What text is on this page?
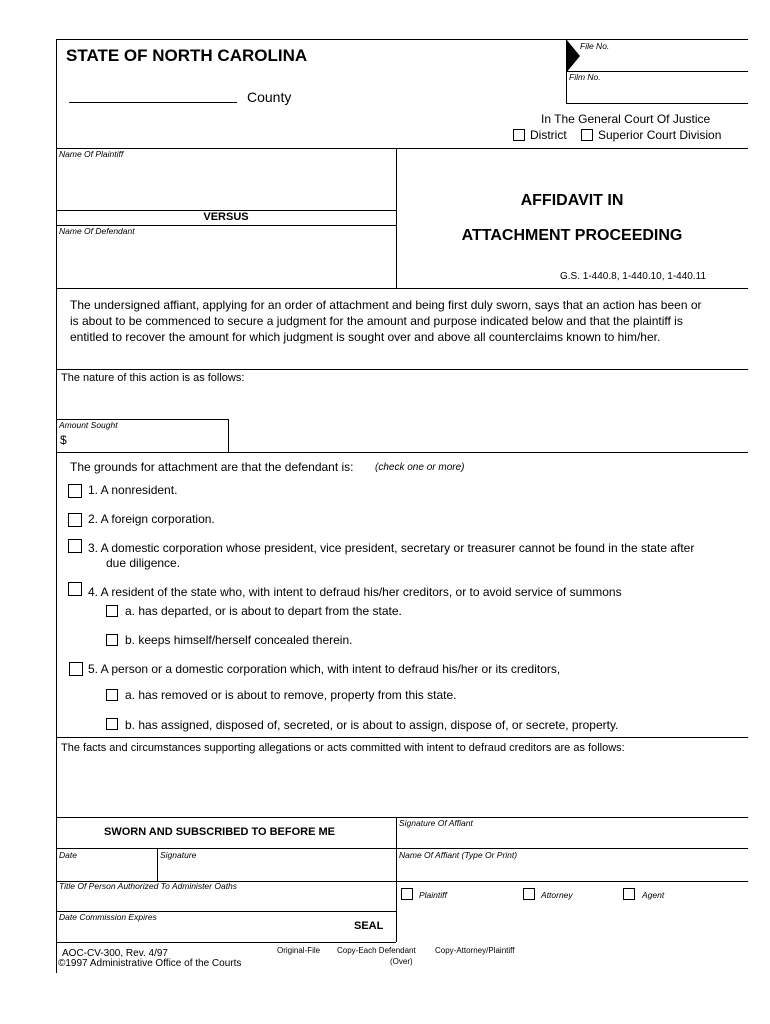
STATE OF NORTH CAROLINA
County
File No.
Film No.
In The General Court Of Justice
District	Superior Court Division
Name Of Plaintiff
VERSUS
Name Of Defendant
AFFIDAVIT IN
ATTACHMENT PROCEEDING
G.S. 1-440.8, 1-440.10, 1-440.11
The undersigned affiant, applying for an order of attachment and being first duly sworn, says that an action has been or
is about to be commenced to secure a judgment for the amount and purpose indicated below and that the plaintiff is
entitled to recover the amount for which judgment is sought over and above all counterclaims known to him/her.
The nature of this action is as follows:
Amount Sought
$
The grounds for attachment are that the defendant is: (check one or more)
1. A nonresident.
2. A foreign corporation.
3. A domestic corporation whose president, vice president, secretary or treasurer cannot be found in the state after
due diligence.
4. A resident of the state who, with intent to defraud his/her creditors, or to avoid service of summons
a. has departed, or is about to depart from the state.
b. keeps himself/herself concealed therein.
5. A person or a domestic corporation which, with intent to defraud his/her or its creditors,
a. has removed or is about to remove, property from this state.
b. has assigned, disposed of, secreted, or is about to assign, dispose of, or secrete, property.
The facts and circumstances supporting allegations or acts committed with intent to defraud creditors are as follows:
SWORN AND SUBSCRIBED TO BEFORE ME
Signature Of Affiant
Date	Signature	Name Of Affiant (Type Or Print)
Title Of Person Authorized To Administer Oaths
Plaintiff	Attorney	Agent
Date Commission Expires
SEAL
AOC-CV-300, Rev. 4/97
©1997 Administrative Office of the Courts
Original-File Copy-Each Defendant Copy-Attorney/Plaintiff
(Over)
